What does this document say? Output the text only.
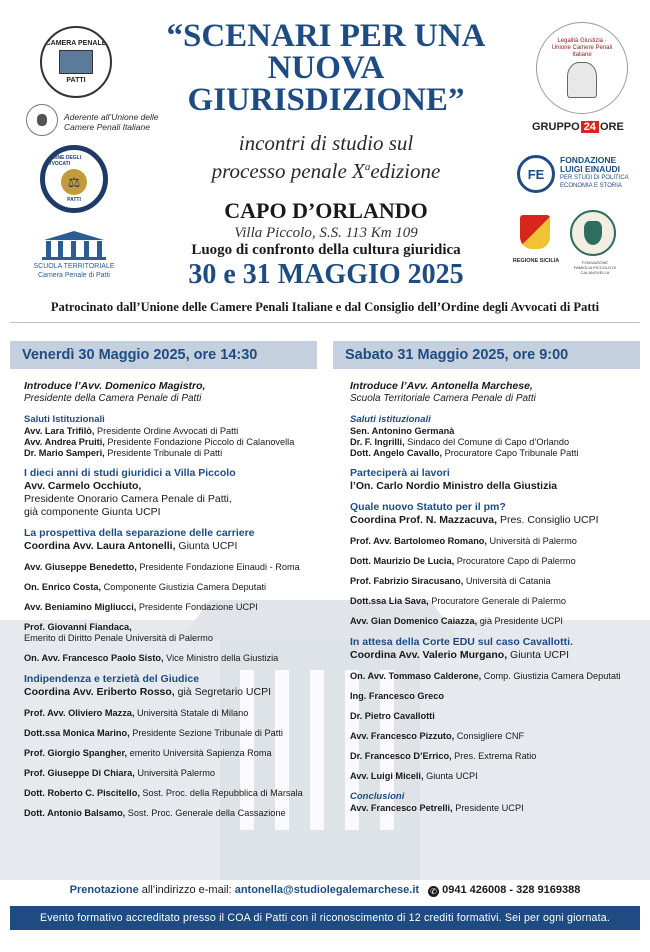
CAMERA PENALE
PATTI
Aderente all’Unione delle
Camere Penali Italiane
ORDINE DEGLI AVVOCATI
⚖
PATTI
SCUOLA TERRITORIALE
Camera Penale di Patti
“SCENARI PER UNA NUOVA GIURISDIZIONE”
incontri di studio sul
processo penale $X^aedizione$
CAPO D’ORLANDO
Villa Piccolo, S.S. 113 Km 109
Luogo di confronto della cultura giuridica
30 e 31 MAGGIO 2025
Legalità Giustizia · Unione Camere Penali Italiane
GRUPPO 24 ORE
FE
FONDAZIONE
LUIGI EINAUDI
PER STUDI DI POLITICA
ECONOMIA E STORIA
REGIONE SICILIA	FONDAZIONE
FAMIGLIA PICCOLO DI CALANOVELLA
Patrocinato dall’Unione delle Camere Penali Italiane e dal Consiglio dell’Ordine degli Avvocati di Patti
Venerdì 30 Maggio 2025, ore 14:30	Sabato 31 Maggio 2025, ore 9:00
Introduce l’Avv. Domenico Magistro,
Presidente della Camera Penale di Patti
Saluti Istituzionali
Avv. Lara Trifilò, Presidente Ordine Avvocati di Patti
Avv. Andrea Pruiti, Presidente Fondazione Piccolo di Calanovella
Dr. Mario Samperi, Presidente Tribunale di Patti
I dieci anni di studi giuridici a Villa Piccolo
Avv. Carmelo Occhiuto,
Presidente Onorario Camera Penale di Patti,
già componente Giunta UCPI
La prospettiva della separazione delle carriere
Coordina Avv. Laura Antonelli, Giunta UCPI
Avv. Giuseppe Benedetto, Presidente Fondazione Einaudi - Roma
On. Enrico Costa, Componente Giustizia Camera Deputati
Avv. Beniamino Migliucci, Presidente Fondazione UCPI
Prof. Giovanni Fiandaca,
Emerito di Diritto Penale Università di Palermo
On. Avv. Francesco Paolo Sisto, Vice Ministro della Giustizia
Indipendenza e terzietà del Giudice
Coordina Avv. Eriberto Rosso, già Segretario UCPI
Prof. Avv. Oliviero Mazza, Università Statale di Milano
Dott.ssa Monica Marino, Presidente Sezione Tribunale di Patti
Prof. Giorgio Spangher, emerito Università Sapienza Roma
Prof. Giuseppe Di Chiara, Università Palermo
Dott. Roberto C. Piscitello, Sost. Proc. della Repubblica di Marsala
Dott. Antonio Balsamo, Sost. Proc. Generale della Cassazione
Introduce l’Avv. Antonella Marchese,
Scuola Territoriale Camera Penale di Patti
Saluti istituzionali
Sen. Antonino Germanà
Dr. F. Ingrilli, Sindaco del Comune di Capo d’Orlando
Dott. Angelo Cavallo, Procuratore Capo Tribunale Patti
Parteciperà ai lavori
l’On. Carlo Nordio Ministro della Giustizia
Quale nuovo Statuto per il pm?
Coordina Prof. N. Mazzacuva, Pres. Consiglio UCPI
Prof. Avv. Bartolomeo Romano, Università di Palermo
Dott. Maurizio De Lucia, Procuratore Capo di Palermo
Prof. Fabrizio Siracusano, Università di Catania
Dott.ssa Lia Sava, Procuratore Generale di Palermo
Avv. Gian Domenico Caiazza, già Presidente UCPI
In attesa della Corte EDU sul caso Cavallotti.
Coordina Avv. Valerio Murgano, Giunta UCPI
On. Avv. Tommaso Calderone, Comp. Giustizia Camera Deputati
Ing. Francesco Greco
Dr. Pietro Cavallotti
Avv. Francesco Pizzuto, Consigliere CNF
Dr. Francesco D’Errico, Pres. Extrema Ratio
Avv. Luigi Miceli, Giunta UCPI
Conclusioni
Avv. Francesco Petrelli, Presidente UCPI
Prenotazione all’indirizzo e-mail: antonella@studiolegalemarchese.it ✆ 0941 426008 - 328 9169388
Evento formativo accreditato presso il COA di Patti con il riconoscimento di 12 crediti formativi. Sei per ogni giornata.
